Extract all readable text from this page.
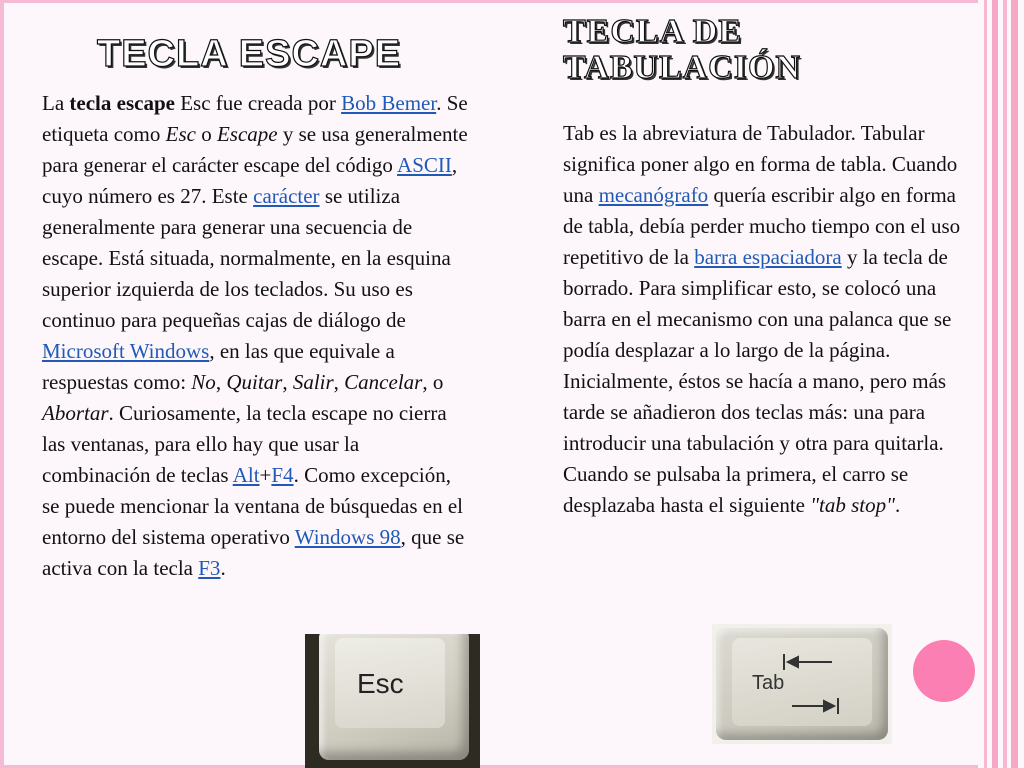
TECLA ESCAPE
TECLA DE
TABULACIÓN

La tecla escape Esc fue creada por Bob Bemer. Se etiqueta como Esc o Escape y se usa generalmente para generar el carácter escape del código ASCII, cuyo número es 27. Este carácter se utiliza generalmente para generar una secuencia de escape. Está situada, normalmente, en la esquina superior izquierda de los teclados. Su uso es continuo para pequeñas cajas de diálogo de Microsoft Windows, en las que equivale a respuestas como: No, Quitar, Salir, Cancelar, o Abortar. Curiosamente, la tecla escape no cierra las ventanas, para ello hay que usar la combinación de teclas Alt+F4. Como excepción, se puede mencionar la ventana de búsquedas en el entorno del sistema operativo Windows 98, que se activa con la tecla F3.

Tab es la abreviatura de Tabulador. Tabular significa poner algo en forma de tabla. Cuando una mecanógrafo quería escribir algo en forma de tabla, debía perder mucho tiempo con el uso repetitivo de la barra espaciadora y la tecla de borrado. Para simplificar esto, se colocó una barra en el mecanismo con una palanca que se podía desplazar a lo largo de la página. Inicialmente, éstos se hacía a mano, pero más tarde se añadieron dos teclas más: una para introducir una tabulación y otra para quitarla. Cuando se pulsaba la primera, el carro se desplazaba hasta el siguiente "tab stop".

Esc	Tab
